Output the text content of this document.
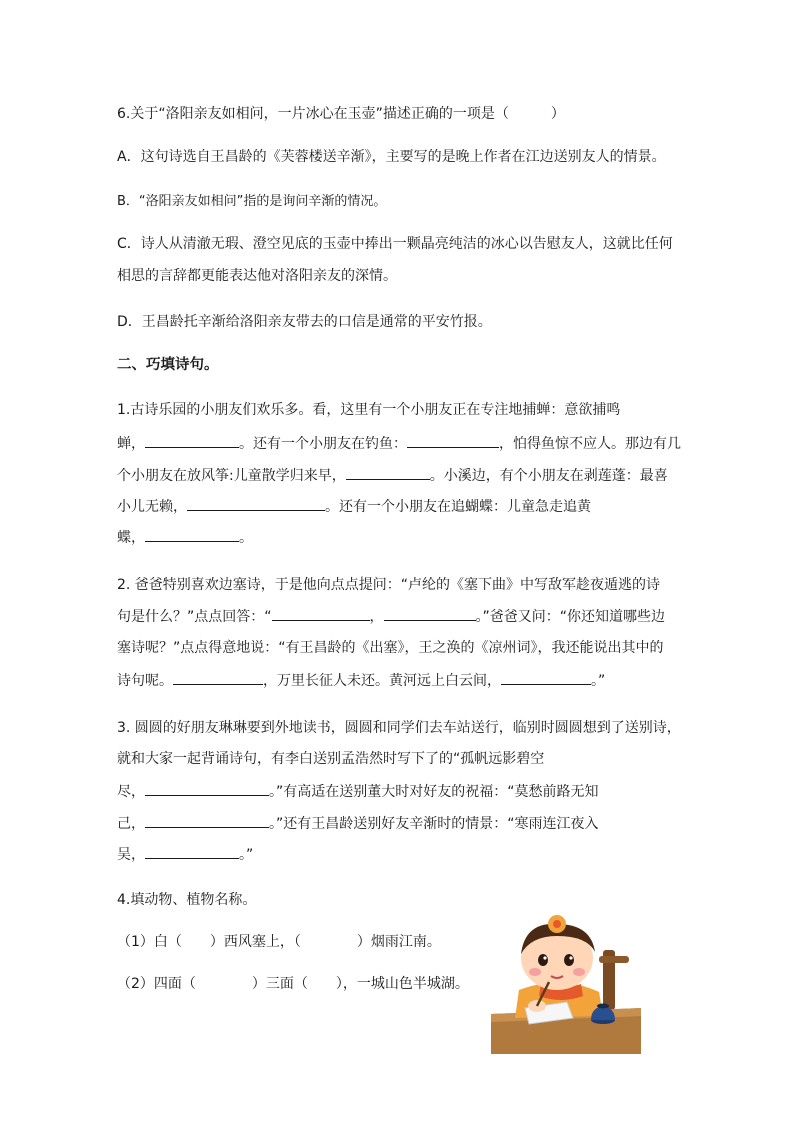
6.关于“洛阳亲友如相问，一片冰心在玉壶”描述正确的一项是（　　　）
A．这句诗选自王昌龄的《芙蓉楼送辛渐》，主要写的是晚上作者在江边送别友人的情景。
B．“洛阳亲友如相问”指的是询问辛渐的情况。
C．诗人从清澈无瑕、澄空见底的玉壶中捧出一颗晶亮纯洁的冰心以告慰友人，这就比任何
相思的言辞都更能表达他对洛阳亲友的深情。
D．王昌龄托辛渐给洛阳亲友带去的口信是通常的平安竹报。
二、巧填诗句。
1.古诗乐园的小朋友们欢乐多。看，这里有一个小朋友正在专注地捕蝉：意欲捕鸣
蝉，	。还有一个小朋友在钓鱼：	，怕得鱼惊不应人。那边有几
个小朋友在放风筝:儿童散学归来早，	。小溪边，有个小朋友在剥莲蓬：最喜
小儿无赖，	。还有一个小朋友在追蝴蝶：儿童急走追黄
蝶，	。
2. 爸爸特别喜欢边塞诗，于是他向点点提问：“卢纶的《塞下曲》中写敌军趁夜遁逃的诗
句是什么？”点点回答：“	，	。”爸爸又问：“你还知道哪些边
塞诗呢？”点点得意地说：“有王昌龄的《出塞》，王之涣的《凉州词》，我还能说出其中的
诗句呢。	，万里长征人未还。黄河远上白云间，	。”
3. 圆圆的好朋友琳琳要到外地读书，圆圆和同学们去车站送行，临别时圆圆想到了送别诗，
就和大家一起背诵诗句，有李白送别孟浩然时写下了的“孤帆远影碧空
尽，	。”有高适在送别董大时对好友的祝福：“莫愁前路无知
己，	。”还有王昌龄送别好友辛渐时的情景：“寒雨连江夜入
吴，	。”
4.填动物、植物名称。
（1）白（　　）西风塞上，（　　　　）烟雨江南。
（2）四面（　　　　）三面（　　），一城山色半城湖。
